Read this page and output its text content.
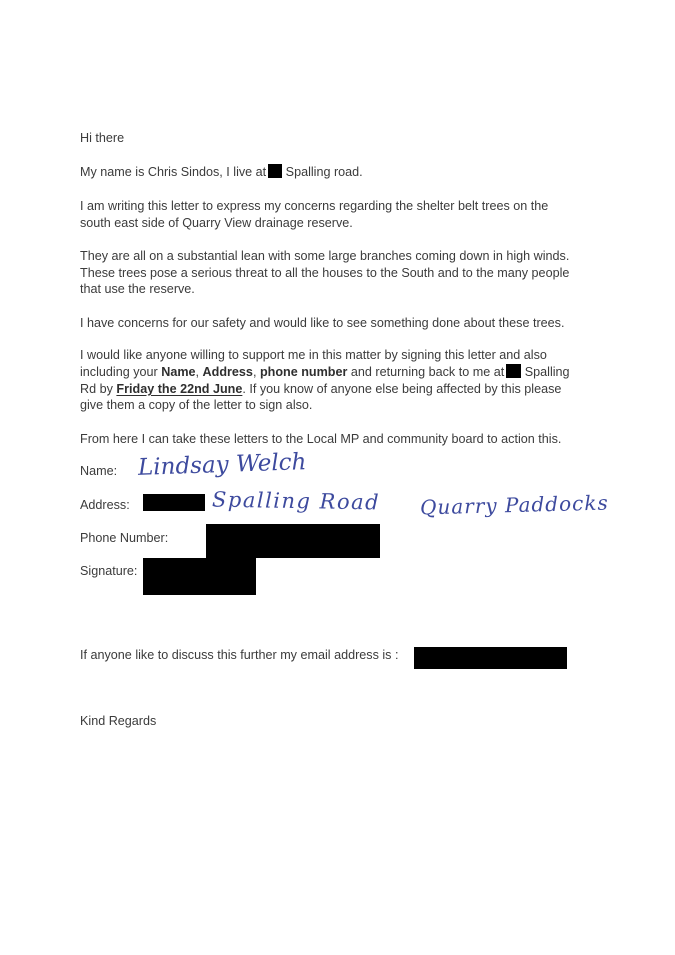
Hi there
My name is Chris Sindos, I live at Spalling road.
I am writing this letter to express my concerns regarding the shelter belt trees on the
south east side of Quarry View drainage reserve.
They are all on a substantial lean with some large branches coming down in high winds.
These trees pose a serious threat to all the houses to the South and to the many people
that use the reserve.
I have concerns for our safety and would like to see something done about these trees.
I would like anyone willing to support me in this matter by signing this letter and also
including your Name, Address, phone number and returning back to me at Spalling
Rd by Friday the 22nd June. If you know of anyone else being affected by this please
give them a copy of the letter to sign also.
From here I can take these letters to the Local MP and community board to action this.
Name: Lindsay Welch
Address:	Spalling Road Quarry Paddocks
Phone Number:
Signature:
If anyone like to discuss this further my email address is :
Kind Regards
